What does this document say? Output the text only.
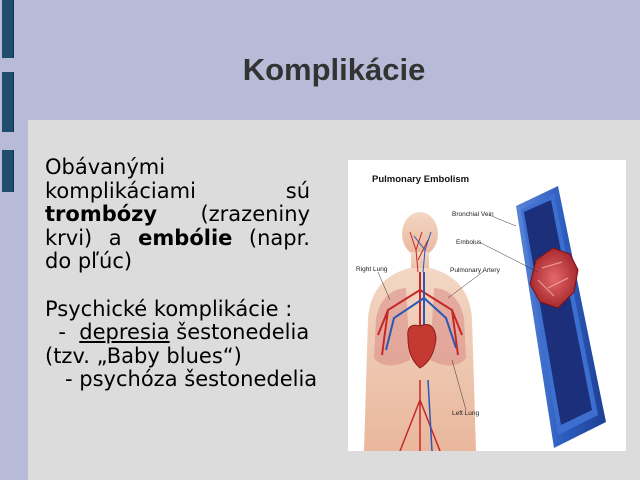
Komplikácie
Obávanými komplikáciami sú trombózy (zrazeniny krvi) a embólie (napr. do pľúc)
Psychické komplikácie :
-  depresia šestonedelia (tzv. „Baby blues“)
- psychóza šestonedelia
Pulmonary Embolism
Bronchial Vein
Embolus
Pulmonary Artery
Right Lung
Left Lung
